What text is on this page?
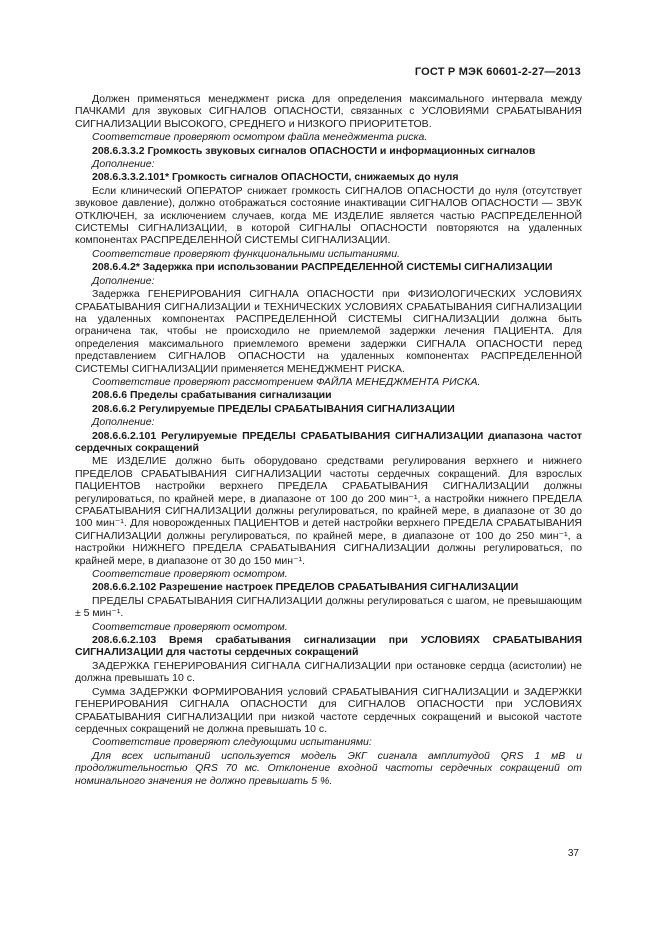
ГОСТ Р МЭК 60601-2-27—2013

Должен применяться менеджмент риска для определения максимального интервала между ПАЧКАМИ для звуковых СИГНАЛОВ ОПАСНОСТИ, связанных с УСЛОВИЯМИ СРАБАТЫВАНИЯ СИГНАЛИЗАЦИИ ВЫСОКОГО, СРЕДНЕГО и НИЗКОГО ПРИОРИТЕТОВ.

Соответствие проверяют осмотром файла менеджмента риска.

208.6.3.3.2 Громкость звуковых сигналов ОПАСНОСТИ и информационных сигналов

Дополнение:

208.6.3.3.2.101* Громкость сигналов ОПАСНОСТИ, снижаемых до нуля

Если клинический ОПЕРАТОР снижает громкость СИГНАЛОВ ОПАСНОСТИ до нуля (отсутствует звуковое давление), должно отображаться состояние инактивации СИГНАЛОВ ОПАСНОСТИ — ЗВУК ОТКЛЮЧЕН, за исключением случаев, когда МЕ ИЗДЕЛИЕ является частью РАСПРЕДЕЛЕННОЙ СИСТЕМЫ СИГНАЛИЗАЦИИ, в которой СИГНАЛЫ ОПАСНОСТИ повторяются на удаленных компонентах РАСПРЕДЕЛЕННОЙ СИСТЕМЫ СИГНАЛИЗАЦИИ.

Соответствие проверяют функциональными испытаниями.

208.6.4.2* Задержка при использовании РАСПРЕДЕЛЕННОЙ СИСТЕМЫ СИГНАЛИЗАЦИИ

Дополнение:

Задержка ГЕНЕРИРОВАНИЯ СИГНАЛА ОПАСНОСТИ при ФИЗИОЛОГИЧЕСКИХ УСЛОВИЯХ СРАБАТЫВАНИЯ СИГНАЛИЗАЦИИ и ТЕХНИЧЕСКИХ УСЛОВИЯХ СРАБАТЫВАНИЯ СИГНАЛИЗАЦИИ на удаленных компонентах РАСПРЕДЕЛЕННОЙ СИСТЕМЫ СИГНАЛИЗАЦИИ должна быть ограничена так, чтобы не происходило не приемлемой задержки лечения ПАЦИЕНТА. Для определения максимального приемлемого времени задержки СИГНАЛА ОПАСНОСТИ перед представлением СИГНАЛОВ ОПАСНОСТИ на удаленных компонентах РАСПРЕДЕЛЕННОЙ СИСТЕМЫ СИГНАЛИЗАЦИИ применяется МЕНЕДЖМЕНТ РИСКА.

Соответствие проверяют рассмотрением ФАЙЛА МЕНЕДЖМЕНТА РИСКА.

208.6.6 Пределы срабатывания сигнализации

208.6.6.2 Регулируемые ПРЕДЕЛЫ СРАБАТЫВАНИЯ СИГНАЛИЗАЦИИ

Дополнение:

208.6.6.2.101 Регулируемые ПРЕДЕЛЫ СРАБАТЫВАНИЯ СИГНАЛИЗАЦИИ диапазона частот сердечных сокращений

МЕ ИЗДЕЛИЕ должно быть оборудовано средствами регулирования верхнего и нижнего ПРЕДЕЛОВ СРАБАТЫВАНИЯ СИГНАЛИЗАЦИИ частоты сердечных сокращений. Для взрослых ПАЦИЕНТОВ настройки верхнего ПРЕДЕЛА СРАБАТЫВАНИЯ СИГНАЛИЗАЦИИ должны регулироваться, по крайней мере, в диапазоне от 100 до 200 мин⁻¹, а настройки нижнего ПРЕДЕЛА СРАБАТЫВАНИЯ СИГНАЛИЗАЦИИ должны регулироваться, по крайней мере, в диапазоне от 30 до 100 мин⁻¹. Для новорожденных ПАЦИЕНТОВ и детей настройки верхнего ПРЕДЕЛА СРАБАТЫВАНИЯ СИГНАЛИЗАЦИИ должны регулироваться, по крайней мере, в диапазоне от 100 до 250 мин⁻¹, а настройки НИЖНЕГО ПРЕДЕЛА СРАБАТЫВАНИЯ СИГНАЛИЗАЦИИ должны регулироваться, по крайней мере, в диапазоне от 30 до 150 мин⁻¹.

Соответствие проверяют осмотром.

208.6.6.2.102 Разрешение настроек ПРЕДЕЛОВ СРАБАТЫВАНИЯ СИГНАЛИЗАЦИИ

ПРЕДЕЛЫ СРАБАТЫВАНИЯ СИГНАЛИЗАЦИИ должны регулироваться с шагом, не превышающим ± 5 мин⁻¹.

Соответствие проверяют осмотром.

208.6.6.2.103 Время срабатывания сигнализации при УСЛОВИЯХ СРАБАТЫВАНИЯ СИГНАЛИЗАЦИИ для частоты сердечных сокращений

ЗАДЕРЖКА ГЕНЕРИРОВАНИЯ СИГНАЛА СИГНАЛИЗАЦИИ при остановке сердца (асистолии) не должна превышать 10 с.

Сумма ЗАДЕРЖКИ ФОРМИРОВАНИЯ условий СРАБАТЫВАНИЯ СИГНАЛИЗАЦИИ и ЗАДЕРЖКИ ГЕНЕРИРОВАНИЯ СИГНАЛА ОПАСНОСТИ для СИГНАЛОВ ОПАСНОСТИ при УСЛОВИЯХ СРАБАТЫВАНИЯ СИГНАЛИЗАЦИИ при низкой частоте сердечных сокращений и высокой частоте сердечных сокращений не должна превышать 10 с.

Соответствие проверяют следующими испытаниями:

Для всех испытаний используется модель ЭКГ сигнала амплитудой QRS 1 мВ и продолжительностью QRS 70 мс. Отклонение входной частоты сердечных сокращений от номинального значения не должно превышать 5 %.

37
